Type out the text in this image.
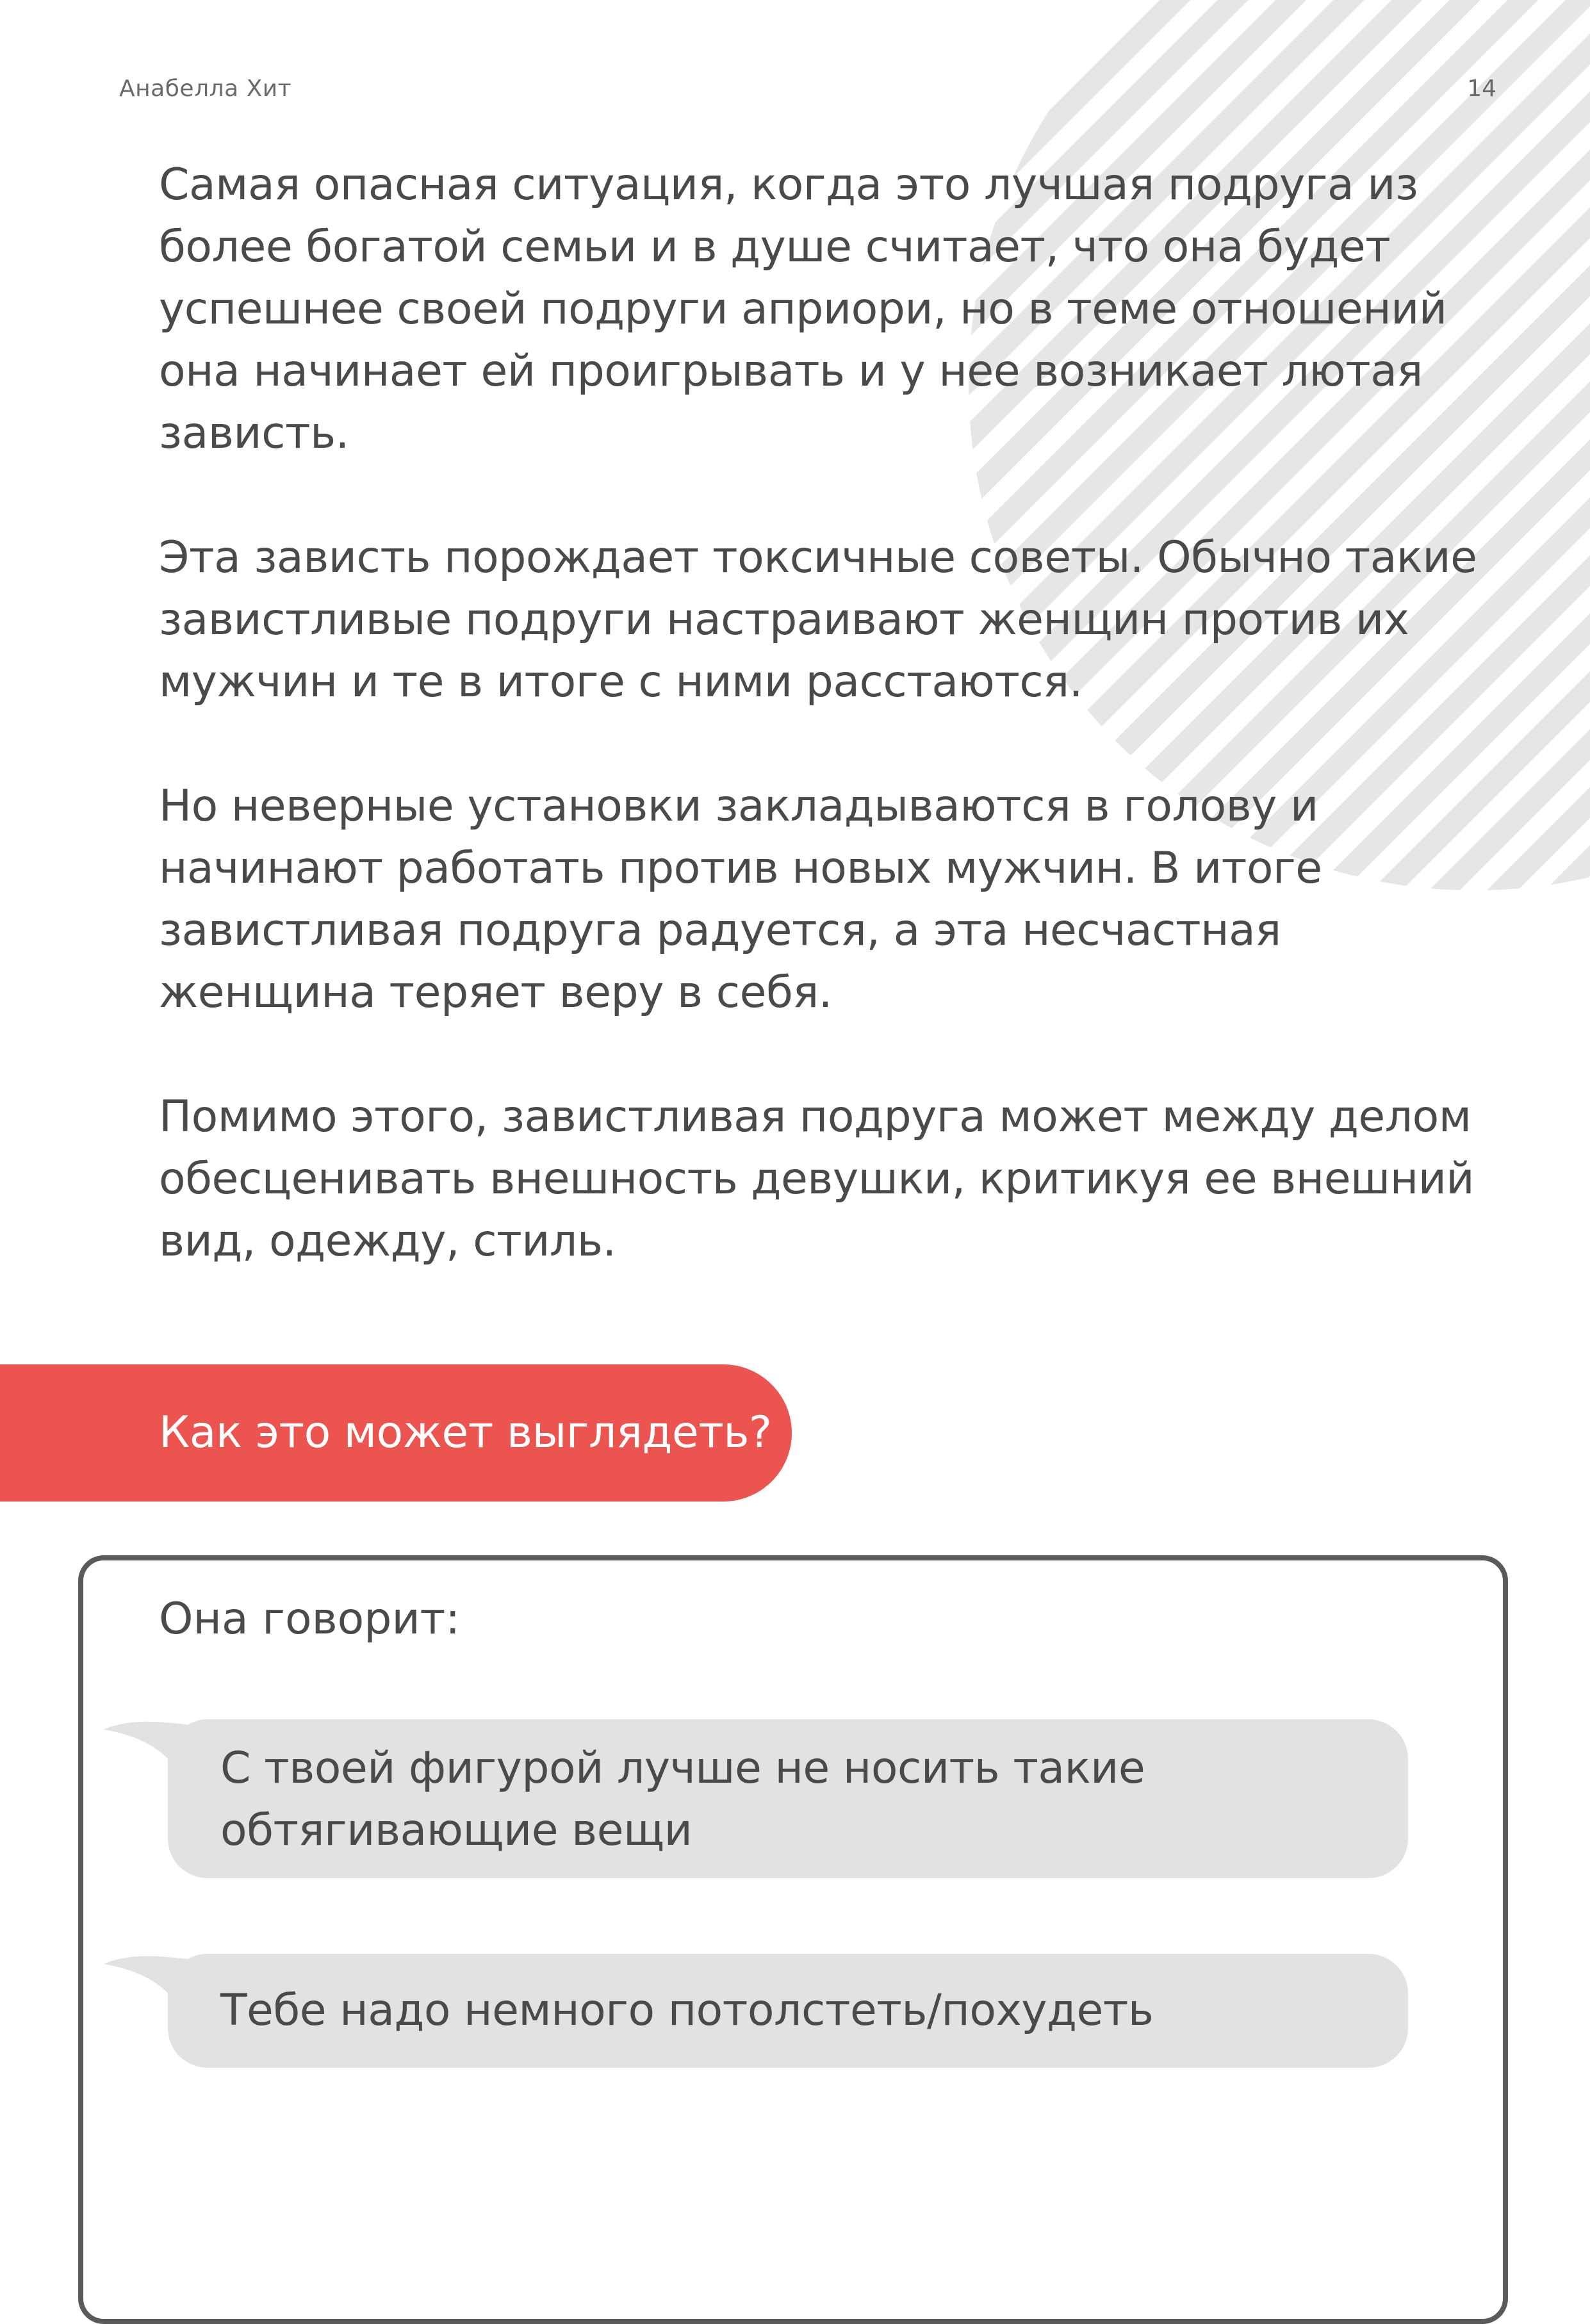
Анабелла Хит	14

Самая опасная ситуация, когда это лучшая подруга из
более богатой семьи и в душе считает, что она будет
успешнее своей подруги априори, но в теме отношений
она начинает ей проигрывать и у нее возникает лютая
зависть.

Эта зависть порождает токсичные советы. Обычно такие
завистливые подруги настраивают женщин против их
мужчин и те в итоге с ними расстаются.

Но неверные установки закладываются в голову и
начинают работать против новых мужчин. В итоге
завистливая подруга радуется, а эта несчастная
женщина теряет веру в себя.

Помимо этого, завистливая подруга может между делом
обесценивать внешность девушки, критикуя ее внешний
вид, одежду, стиль.

Как это может выглядеть?
Она говорит:
С твоей фигурой лучше не носить такие
обтягивающие вещи
Тебе надо немного потолстеть/похудеть
